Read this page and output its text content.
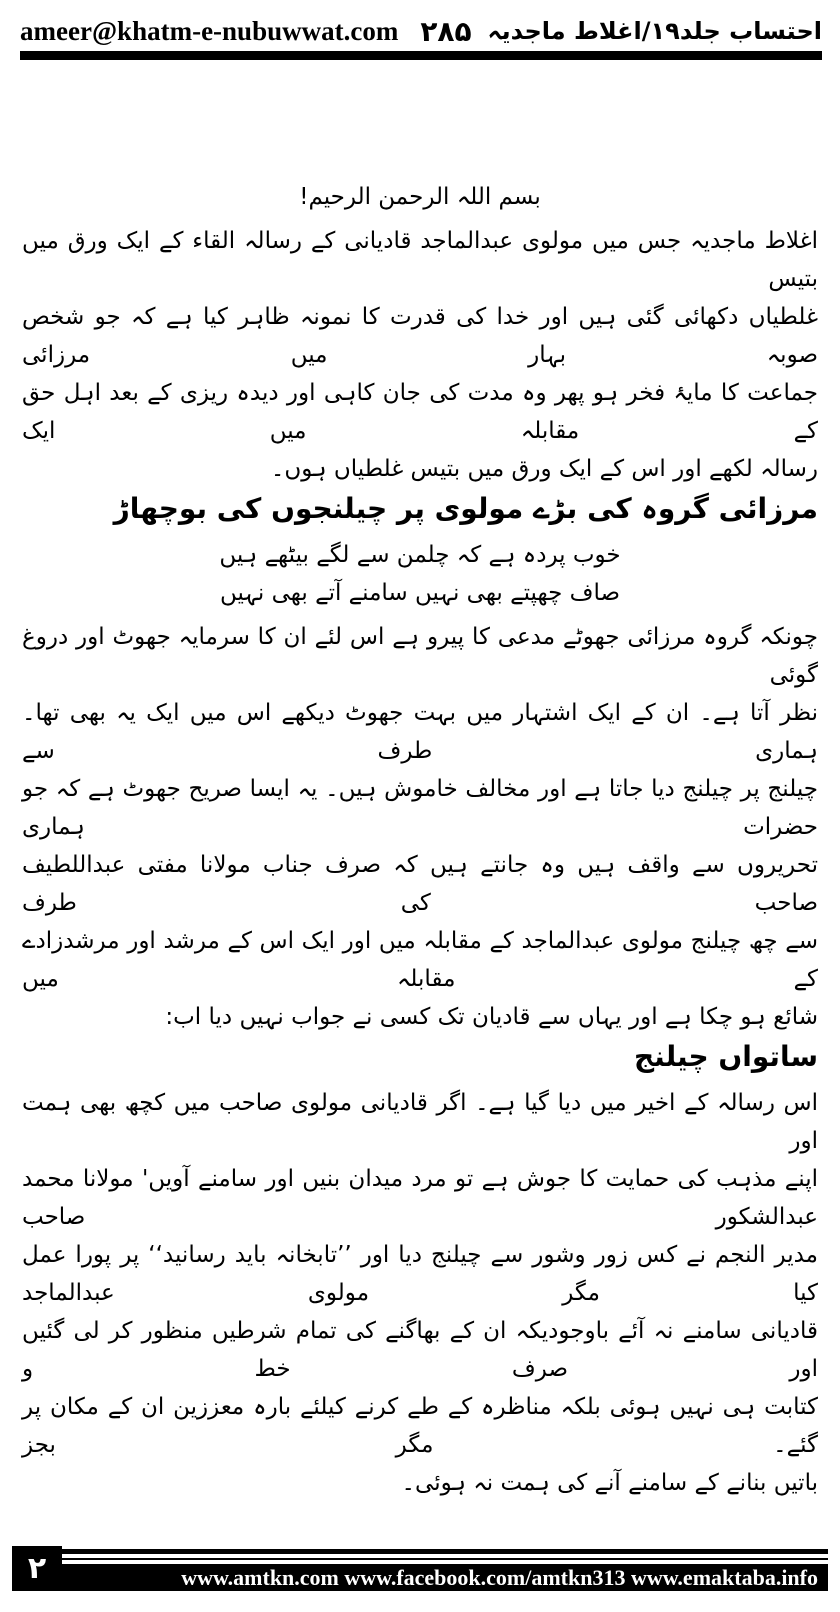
ameer@khatm-e-nubuwwat.com ۲۸۵ احتساب جلد۱۹/اغلاط ماجدیہ
بسم اللہ الرحمن الرحیم!
اغلاط ماجدیہ جس میں مولوی عبدالماجد قادیانی کے رسالہ القاء کے ایک ورق میں بتیس
غلطیاں دکھائی گئی ہیں اور خدا کی قدرت کا نمونہ ظاہر کیا ہے کہ جو شخص صوبہ بہار میں مرزائی
جماعت کا مایۂ فخر ہو پھر وہ مدت کی جان کاہی اور دیدہ ریزی کے بعد اہل حق کے مقابلہ میں ایک
رسالہ لکھے اور اس کے ایک ورق میں بتیس غلطیاں ہوں۔
مرزائی گروہ کی بڑے مولوی پر چیلنجوں کی بوچھاڑ
خوب پردہ ہے کہ چلمن سے لگے بیٹھے ہیں
صاف چھپتے بھی نہیں سامنے آتے بھی نہیں
چونکہ گروہ مرزائی جھوٹے مدعی کا پیرو ہے اس لئے ان کا سرمایہ جھوٹ اور دروغ گوئی
نظر آتا ہے۔ ان کے ایک اشتہار میں بہت جھوٹ دیکھے اس میں ایک یہ بھی تھا۔ ہماری طرف سے
چیلنج پر چیلنج دیا جاتا ہے اور مخالف خاموش ہیں۔ یہ ایسا صریح جھوٹ ہے کہ جو حضرات ہماری
تحریروں سے واقف ہیں وہ جانتے ہیں کہ صرف جناب مولانا مفتی عبداللطیف صاحب کی طرف
سے چھ چیلنج مولوی عبدالماجد کے مقابلہ میں اور ایک اس کے مرشد اور مرشدزادے کے مقابلہ میں
شائع ہو چکا ہے اور یہاں سے قادیان تک کسی نے جواب نہیں دیا اب:
ساتواں چیلنج
اس رسالہ کے اخیر میں دیا گیا ہے۔ اگر قادیانی مولوی صاحب میں کچھ بھی ہمت اور
اپنے مذہب کی حمایت کا جوش ہے تو مرد میدان بنیں اور سامنے آویں' مولانا محمد عبدالشکور صاحب
مدیر النجم نے کس زور وشور سے چیلنج دیا اور ’’تابخانہ باید رسانید‘‘ پر پورا عمل کیا مگر مولوی عبدالماجد
قادیانی سامنے نہ آئے باوجودیکہ ان کے بھاگنے کی تمام شرطیں منظور کر لی گئیں اور صرف خط و
کتابت ہی نہیں ہوئی بلکہ مناظرہ کے طے کرنے کیلئے بارہ معززین ان کے مکان پر گئے۔ مگر بجز
باتیں بنانے کے سامنے آنے کی ہمت نہ ہوئی۔
۲	www.amtkn.com www.facebook.com/amtkn313 www.emaktaba.info
